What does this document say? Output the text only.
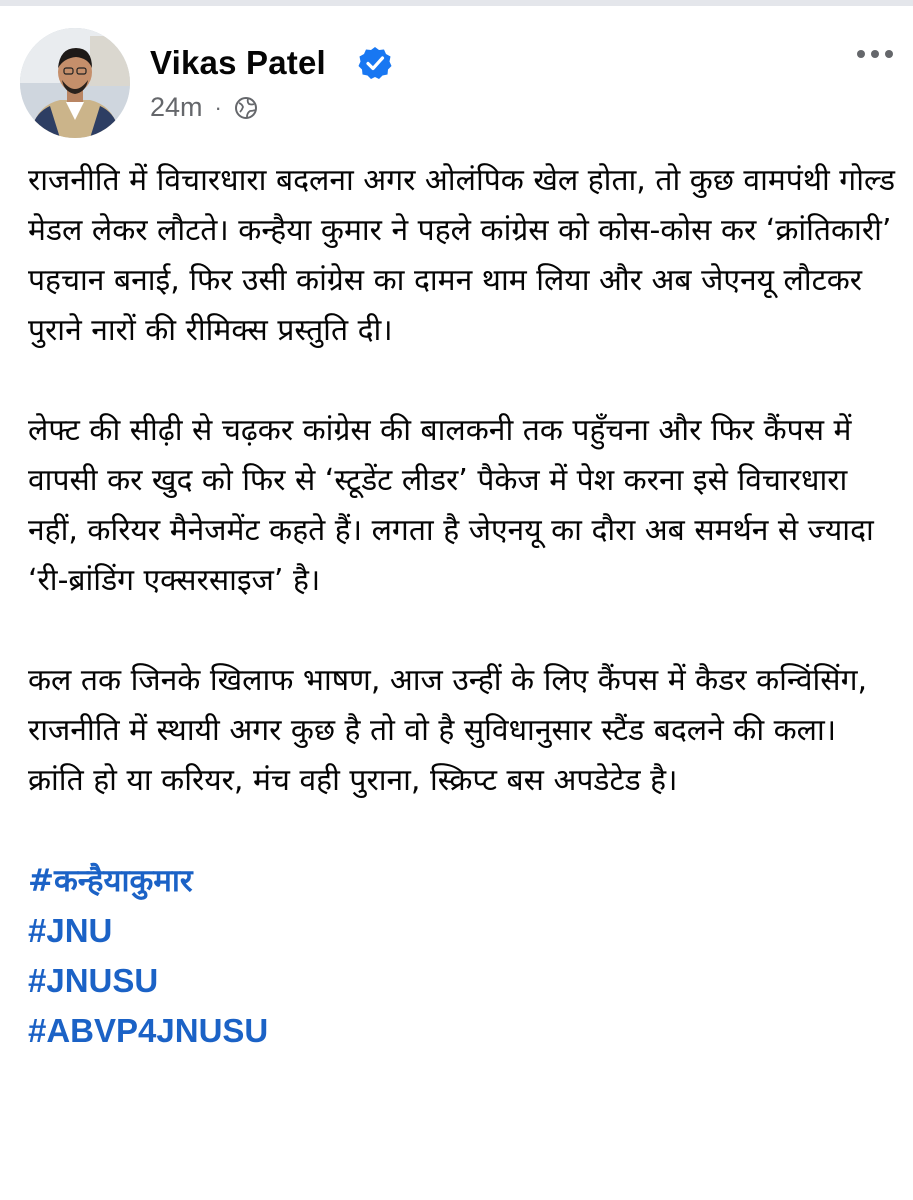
Vikas Patel
24m ·

राजनीति में विचारधारा बदलना अगर ओलंपिक खेल होता, तो कुछ वामपंथी गोल्ड मेडल लेकर लौटते। कन्हैया कुमार ने पहले कांग्रेस को कोस-कोस कर ‘क्रांतिकारी’ पहचान बनाई, फिर उसी कांग्रेस का दामन थाम लिया और अब जेएनयू लौटकर पुराने नारों की रीमिक्स प्रस्तुति दी।

लेफ्ट की सीढ़ी से चढ़कर कांग्रेस की बालकनी तक पहुँचना और फिर कैंपस में वापसी कर खुद को फिर से ‘स्टूडेंट लीडर’ पैकेज में पेश करना इसे विचारधारा नहीं, करियर मैनेजमेंट कहते हैं। लगता है जेएनयू का दौरा अब समर्थन से ज्यादा ‘री-ब्रांडिंग एक्सरसाइज’ है।

कल तक जिनके खिलाफ भाषण, आज उन्हीं के लिए कैंपस में कैडर कन्विंसिंग, राजनीति में स्थायी अगर कुछ है तो वो है सुविधानुसार स्टैंड बदलने की कला। क्रांति हो या करियर, मंच वही पुराना, स्क्रिप्ट बस अपडेटेड है।

#कन्हैयाकुमार
#JNU
#JNUSU
#ABVP4JNUSU
